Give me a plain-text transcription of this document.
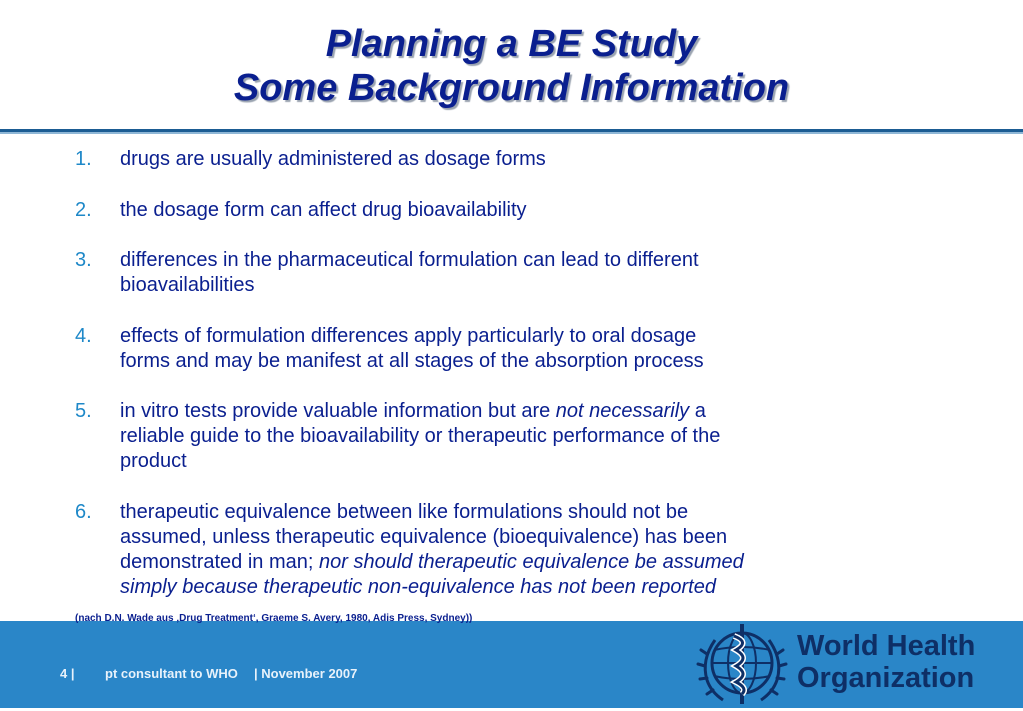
Planning a BE Study
Some Background Information
1.	drugs are usually administered as dosage forms
2.	the dosage form can affect drug bioavailability
3.	differences in the pharmaceutical formulation can lead to different
bioavailabilities
4.	effects of formulation differences apply particularly to oral dosage
forms and may be manifest at all stages of the absorption process
5.	in vitro tests provide valuable information but are not necessarily a
reliable guide to the bioavailability or therapeutic performance of the
product
6.	therapeutic equivalence between like formulations should not be
assumed, unless therapeutic equivalence (bioequivalence) has been
demonstrated in man; nor should therapeutic equivalence be assumed
simply because therapeutic non-equivalence has not been reported
(nach D.N. Wade aus ‚Drug Treatment‘, Graeme S. Avery, 1980, Adis Press, Sydney))
4 | pt consultant to WHO | November 2007
World Health
Organization
